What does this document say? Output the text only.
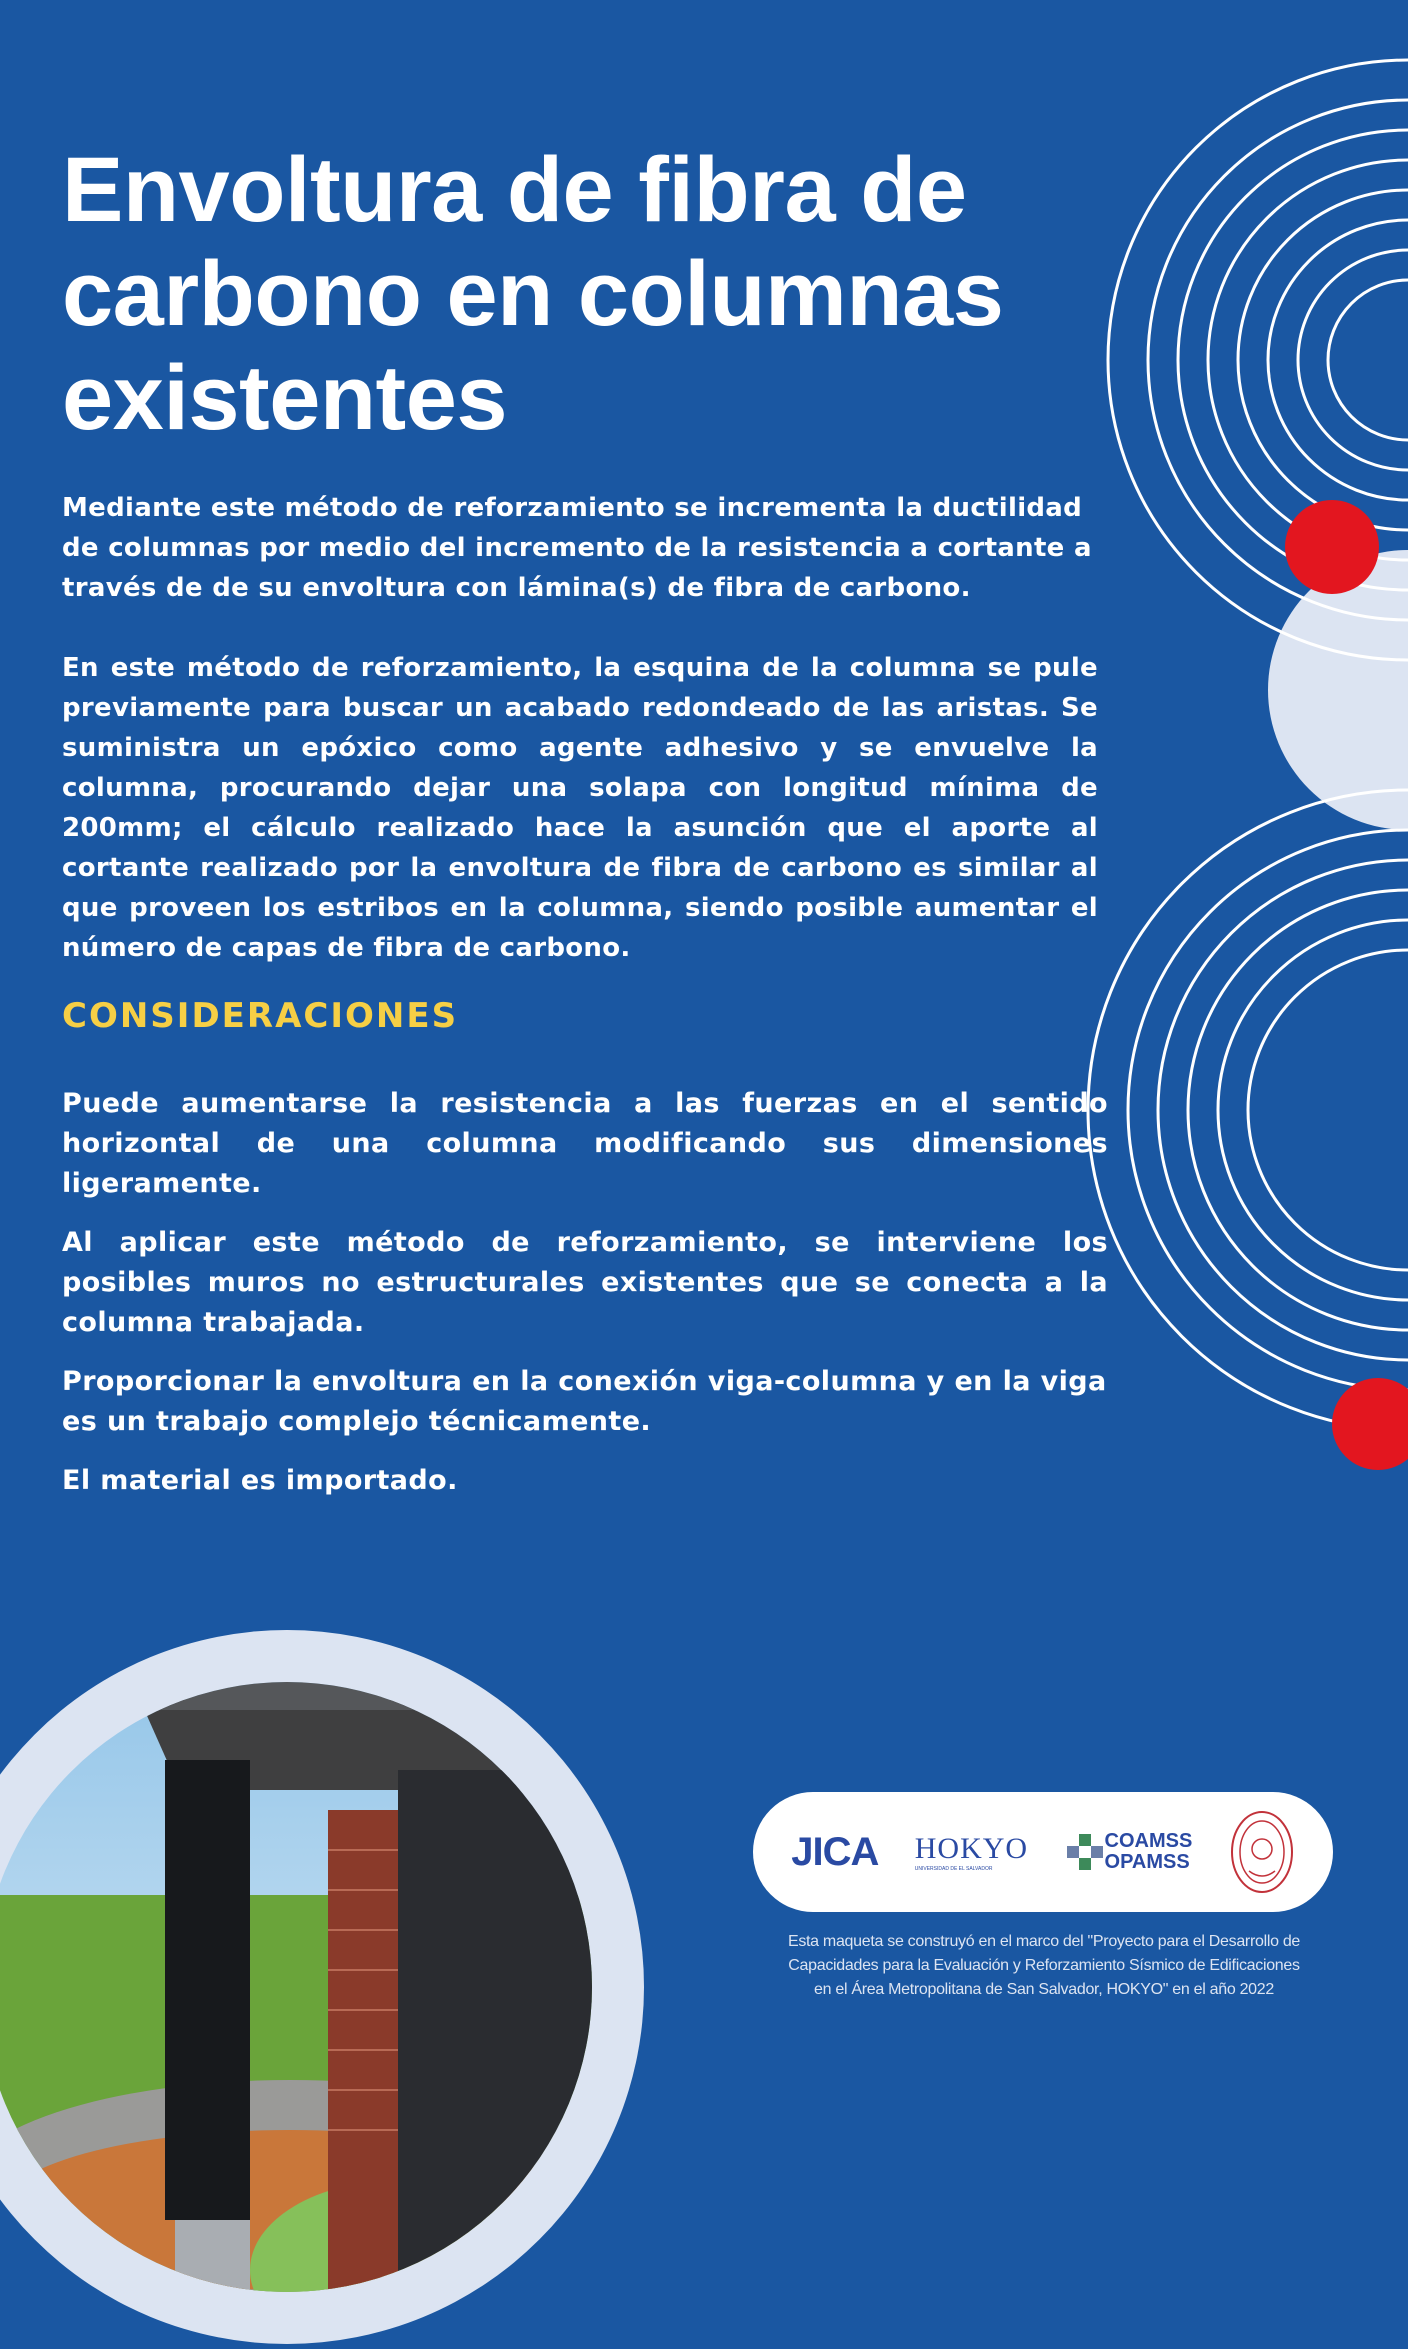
Envoltura de fibra de carbono en columnas existentes

Mediante este método de reforzamiento se incrementa la ductilidad de columnas por medio del incremento de la resistencia a cortante a través de de su envoltura con lámina(s) de fibra de carbono.

En este método de reforzamiento, la esquina de la columna se pule previamente para buscar un acabado redondeado de las aristas. Se suministra un epóxico como agente adhesivo y se envuelve la columna, procurando dejar una solapa con longitud mínima de 200mm; el cálculo realizado hace la asunción que el aporte al cortante realizado por la envoltura de fibra de carbono es similar al que proveen los estribos en la columna, siendo posible aumentar el número de capas de fibra de carbono.

CONSIDERACIONES

Puede aumentarse la resistencia a las fuerzas en el sentido horizontal de una columna modificando sus dimensiones ligeramente.

Al aplicar este método de reforzamiento, se interviene los posibles muros no estructurales existentes que se conecta a la columna trabajada.

Proporcionar la envoltura en la conexión viga-columna y en la viga es un trabajo complejo técnicamente.

El material es importado.

JICA HOKYO
UNIVERSIDAD DE EL SALVADOR
COAMSS
OPAMSS

Esta maqueta se construyó en el marco del "Proyecto para el Desarrollo de Capacidades para la Evaluación y Reforzamiento Sísmico de Edificaciones en el Área Metropolitana de San Salvador, HOKYO" en el año 2022
